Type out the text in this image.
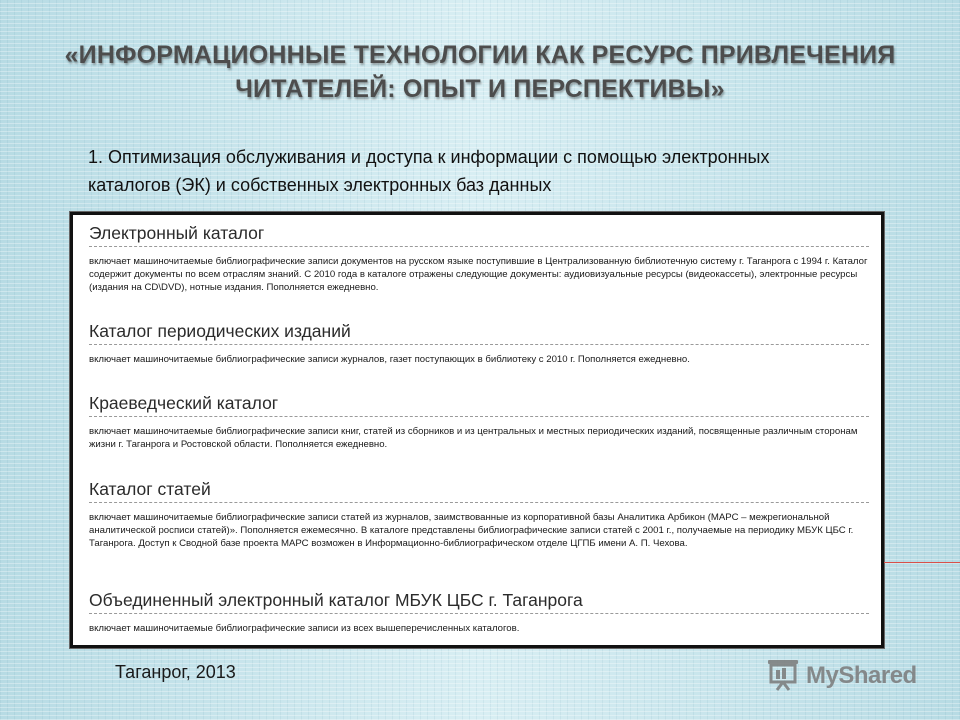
«ИНФОРМАЦИОННЫЕ ТЕХНОЛОГИИ КАК РЕСУРС ПРИВЛЕЧЕНИЯ ЧИТАТЕЛЕЙ: ОПЫТ И ПЕРСПЕКТИВЫ»
1. Оптимизация обслуживания и доступа к информации с помощью электронных каталогов (ЭК) и собственных электронных баз данных
Электронный каталог
включает машиночитаемые библиографические записи документов на русском языке поступившие в Централизованную библиотечную систему г. Таганрога с 1994 г. Каталог содержит документы по всем отраслям знаний. С 2010 года в каталоге отражены следующие документы: аудиовизуальные ресурсы (видеокассеты), электронные ресурсы (издания на CD\DVD), нотные издания. Пополняется ежедневно.
Каталог периодических изданий
включает машиночитаемые библиографические записи журналов, газет поступающих в библиотеку с 2010 г. Пополняется ежедневно.
Краеведческий каталог
включает машиночитаемые библиографические записи книг, статей из сборников и из центральных и местных периодических изданий, посвященные различным сторонам жизни г. Таганрога и Ростовской области. Пополняется ежедневно.
Каталог статей
включает машиночитаемые библиографические записи статей из журналов, заимствованные из корпоративной базы Аналитика Арбикон (МАРС – межрегиональной аналитической росписи статей)». Пополняется ежемесячно. В каталоге представлены библиографические записи статей с 2001 г., получаемые на периодику МБУК ЦБС г. Таганрога. Доступ к Сводной базе проекта МАРС возможен в Информационно-библиографическом отделе ЦГПБ имени А. П. Чехова.
Объединенный электронный каталог МБУК ЦБС г. Таганрога
включает машиночитаемые библиографические записи из всех вышеперечисленных каталогов.
Таганрог, 2013	MyShared
